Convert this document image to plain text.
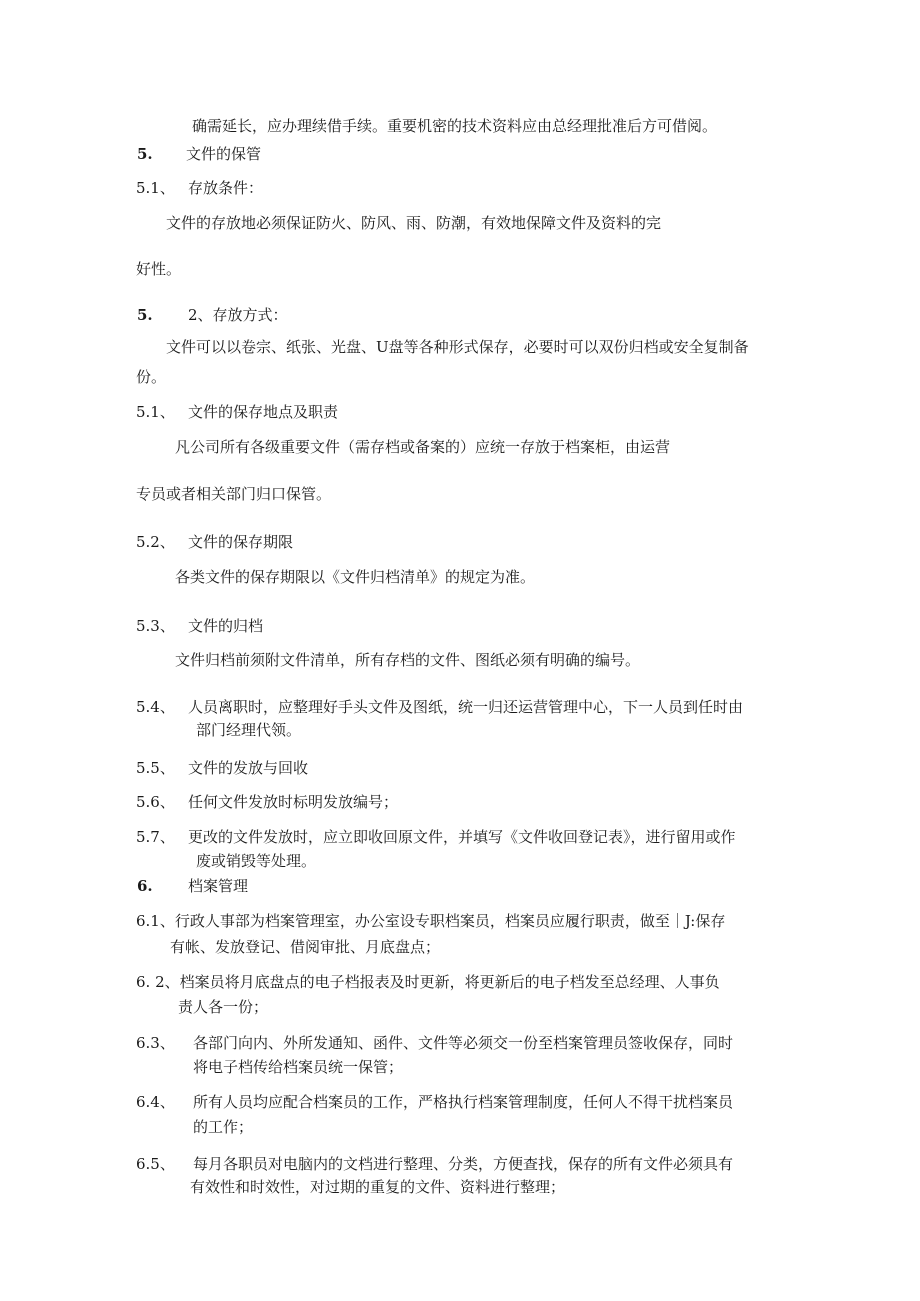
确需延长，应办理续借手续。重要机密的技术资料应由总经理批准后方可借阅。
5. 文件的保管
5.1、 存放条件：
文件的存放地必须保证防火、防风、雨、防潮，有效地保障文件及资料的完
好性。
5. 2、存放方式：
文件可以以卷宗、纸张、光盘、U盘等各种形式保存，必要时可以双份归档或安全复制备
份。
5.1、 文件的保存地点及职责
凡公司所有各级重要文件（需存档或备案的）应统一存放于档案柜，由运营
专员或者相关部门归口保管。
5.2、 文件的保存期限
各类文件的保存期限以《文件归档清单》的规定为准。
5.3、 文件的归档
文件归档前须附文件清单，所有存档的文件、图纸必须有明确的编号。
5.4、 人员离职时，应整理好手头文件及图纸，统一归还运营管理中心，下一人员到任时由
部门经理代领。
5.5、 文件的发放与回收
5.6、 任何文件发放时标明发放编号；
5.7、 更改的文件发放时，应立即收回原文件，并填写《文件收回登记表》，进行留用或作
废或销毁等处理。
6. 档案管理
6.1、行政人事部为档案管理室，办公室设专职档案员，档案员应履行职责，做至｜J:保存
有帐、发放登记、借阅审批、月底盘点；
6. 2、档案员将月底盘点的电子档报表及时更新，将更新后的电子档发至总经理、人事负
责人各一份；
6.3、 各部门向内、外所发通知、函件、文件等必须交一份至档案管理员签收保存，同时
将电子档传给档案员统一保管；
6.4、 所有人员均应配合档案员的工作，严格执行档案管理制度，任何人不得干扰档案员
的工作；
6.5、 每月各职员对电脑内的文档进行整理、分类，方便查找，保存的所有文件必须具有
有效性和时效性，对过期的重复的文件、资料进行整理；
